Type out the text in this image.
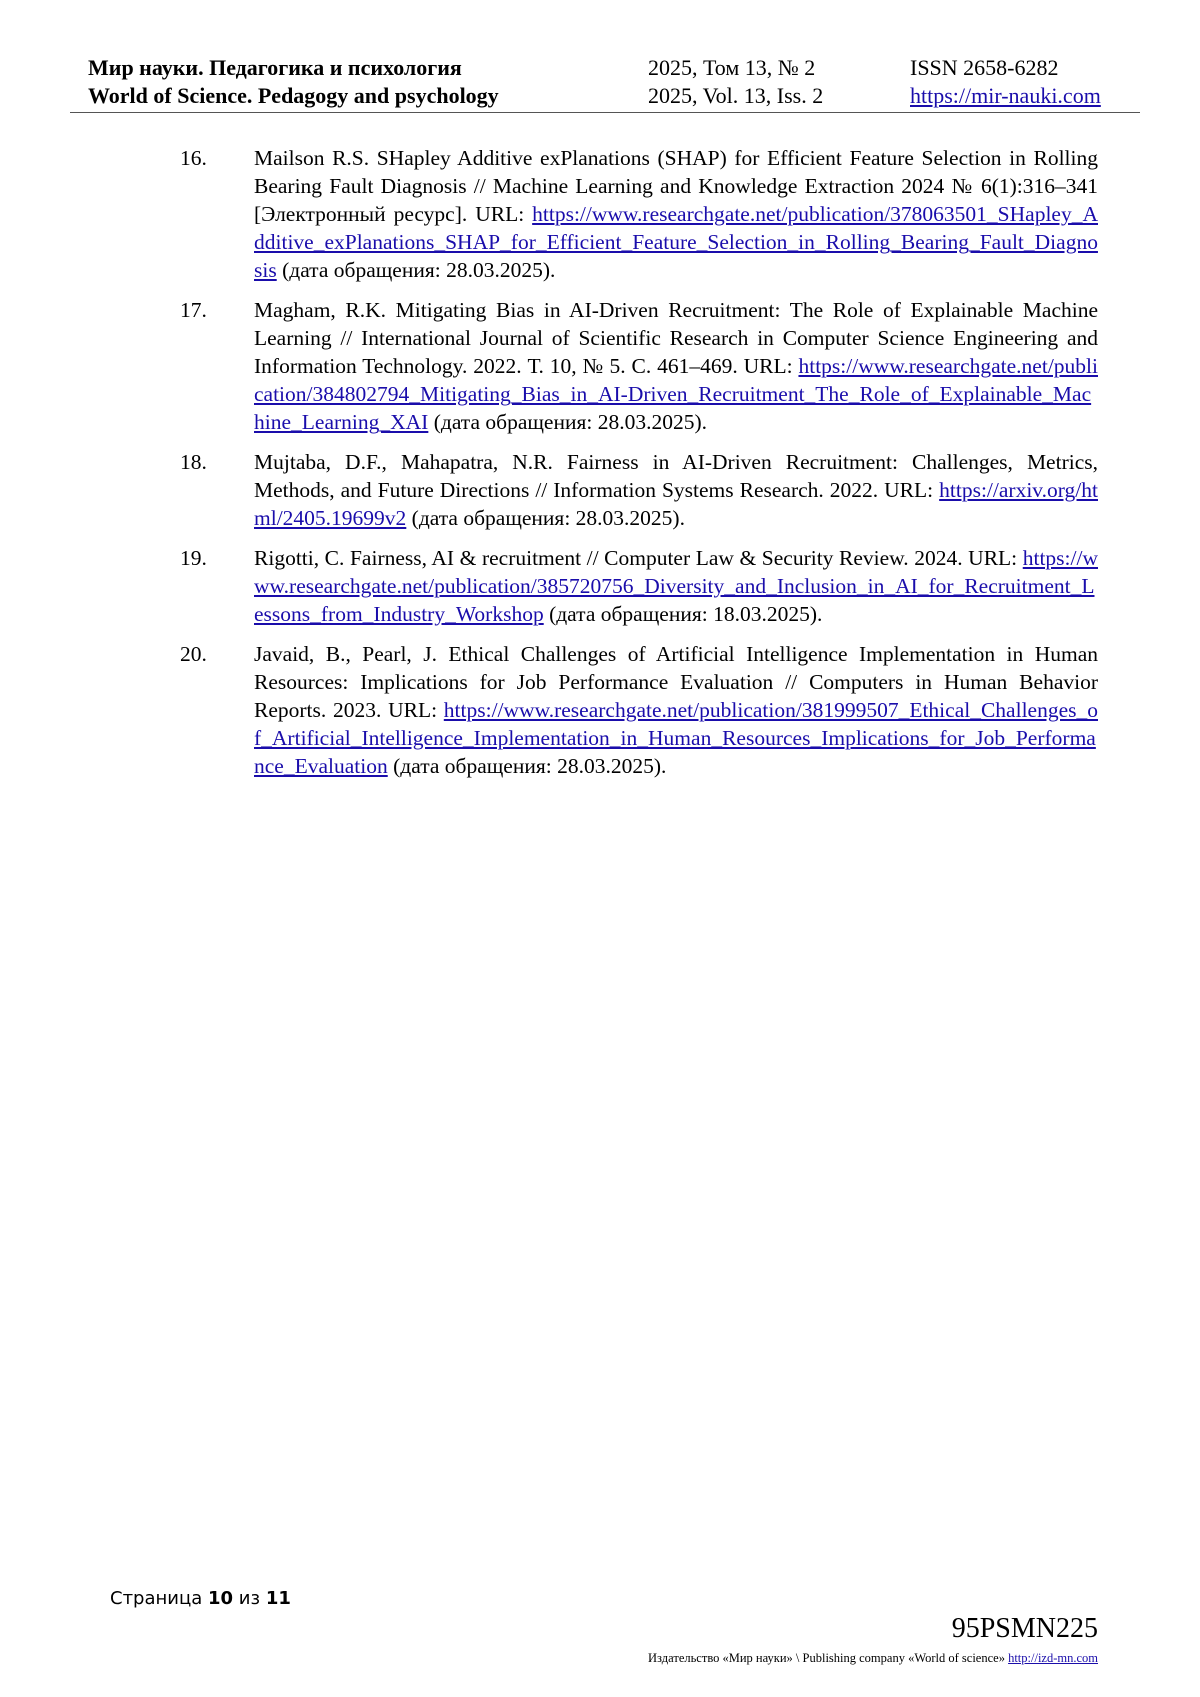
Мир науки. Педагогика и психология
World of Science. Pedagogy and psychology
2025, Том 13, № 2
2025, Vol. 13, Iss. 2
ISSN 2658-6282
https://mir-nauki.com
16. Mailson R.S. SHapley Additive exPlanations (SHAP) for Efficient Feature Selection in Rolling Bearing Fault Diagnosis // Machine Learning and Knowledge Extraction 2024 № 6(1):316–341 [Электронный ресурс]. URL: https://www.researchgate.net/publication/378063501_SHapley_Additive_exPlanations_SHAP_for_Efficient_Feature_Selection_in_Rolling_Bearing_Fault_Diagnosis (дата обращения: 28.03.2025).
17. Magham, R.K. Mitigating Bias in AI-Driven Recruitment: The Role of Explainable Machine Learning // International Journal of Scientific Research in Computer Science Engineering and Information Technology. 2022. Т. 10, № 5. С. 461–469. URL: https://www.researchgate.net/publication/384802794_Mitigating_Bias_in_AI-Driven_Recruitment_The_Role_of_Explainable_Machine_Learning_XAI (дата обращения: 28.03.2025).
18. Mujtaba, D.F., Mahapatra, N.R. Fairness in AI-Driven Recruitment: Challenges, Metrics, Methods, and Future Directions // Information Systems Research. 2022. URL: https://arxiv.org/html/2405.19699v2 (дата обращения: 28.03.2025).
19. Rigotti, C. Fairness, AI & recruitment // Computer Law & Security Review. 2024. URL: https://www.researchgate.net/publication/385720756_Diversity_and_Inclusion_in_AI_for_Recruitment_Lessons_from_Industry_Workshop (дата обращения: 18.03.2025).
20. Javaid, B., Pearl, J. Ethical Challenges of Artificial Intelligence Implementation in Human Resources: Implications for Job Performance Evaluation // Computers in Human Behavior Reports. 2023. URL: https://www.researchgate.net/publication/381999507_Ethical_Challenges_of_Artificial_Intelligence_Implementation_in_Human_Resources_Implications_for_Job_Performance_Evaluation (дата обращения: 28.03.2025).
Страница 10 из 11
95PSMN225
Издательство «Мир науки» \ Publishing company «World of science» http://izd-mn.com
